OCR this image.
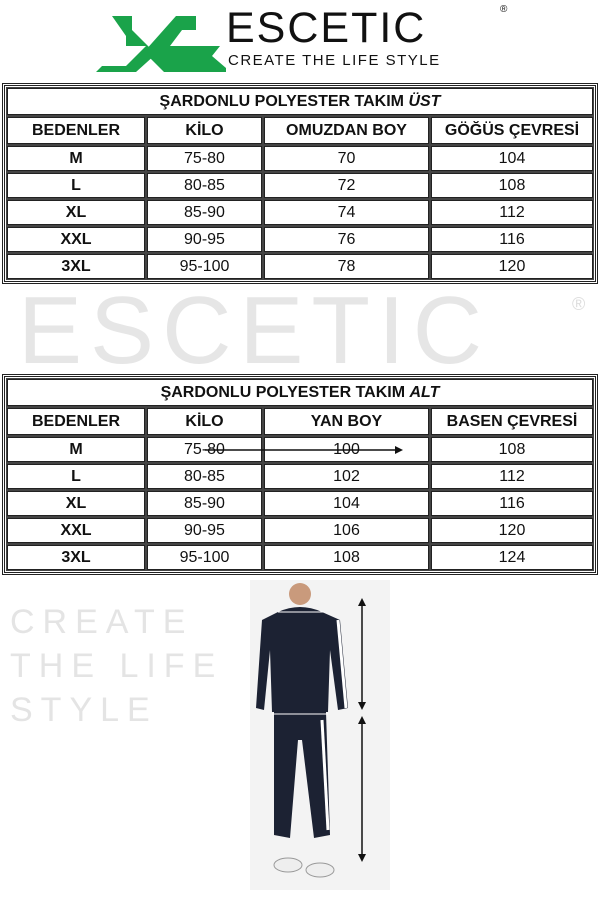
ESCETIC	®
CREATE THE LIFE STYLE
ESCETIC	®
CREATE THE LIFE STYLE
ŞARDONLU POLYESTER TAKIM ÜST			
BEDENLER	KİLO	OMUZDAN BOY	GÖĞÜS ÇEVRESİ
M	75-80	70	104
L	80-85	72	108
XL	85-90	74	112
XXL	90-95	76	116
3XL	95-100	78	120
ŞARDONLU POLYESTER TAKIM ALT			
BEDENLER	KİLO	YAN BOY	BASEN ÇEVRESİ
M	75-80	100	108
L	80-85	102	112
XL	85-90	104	116
XXL	90-95	106	120
3XL	95-100	108	124
